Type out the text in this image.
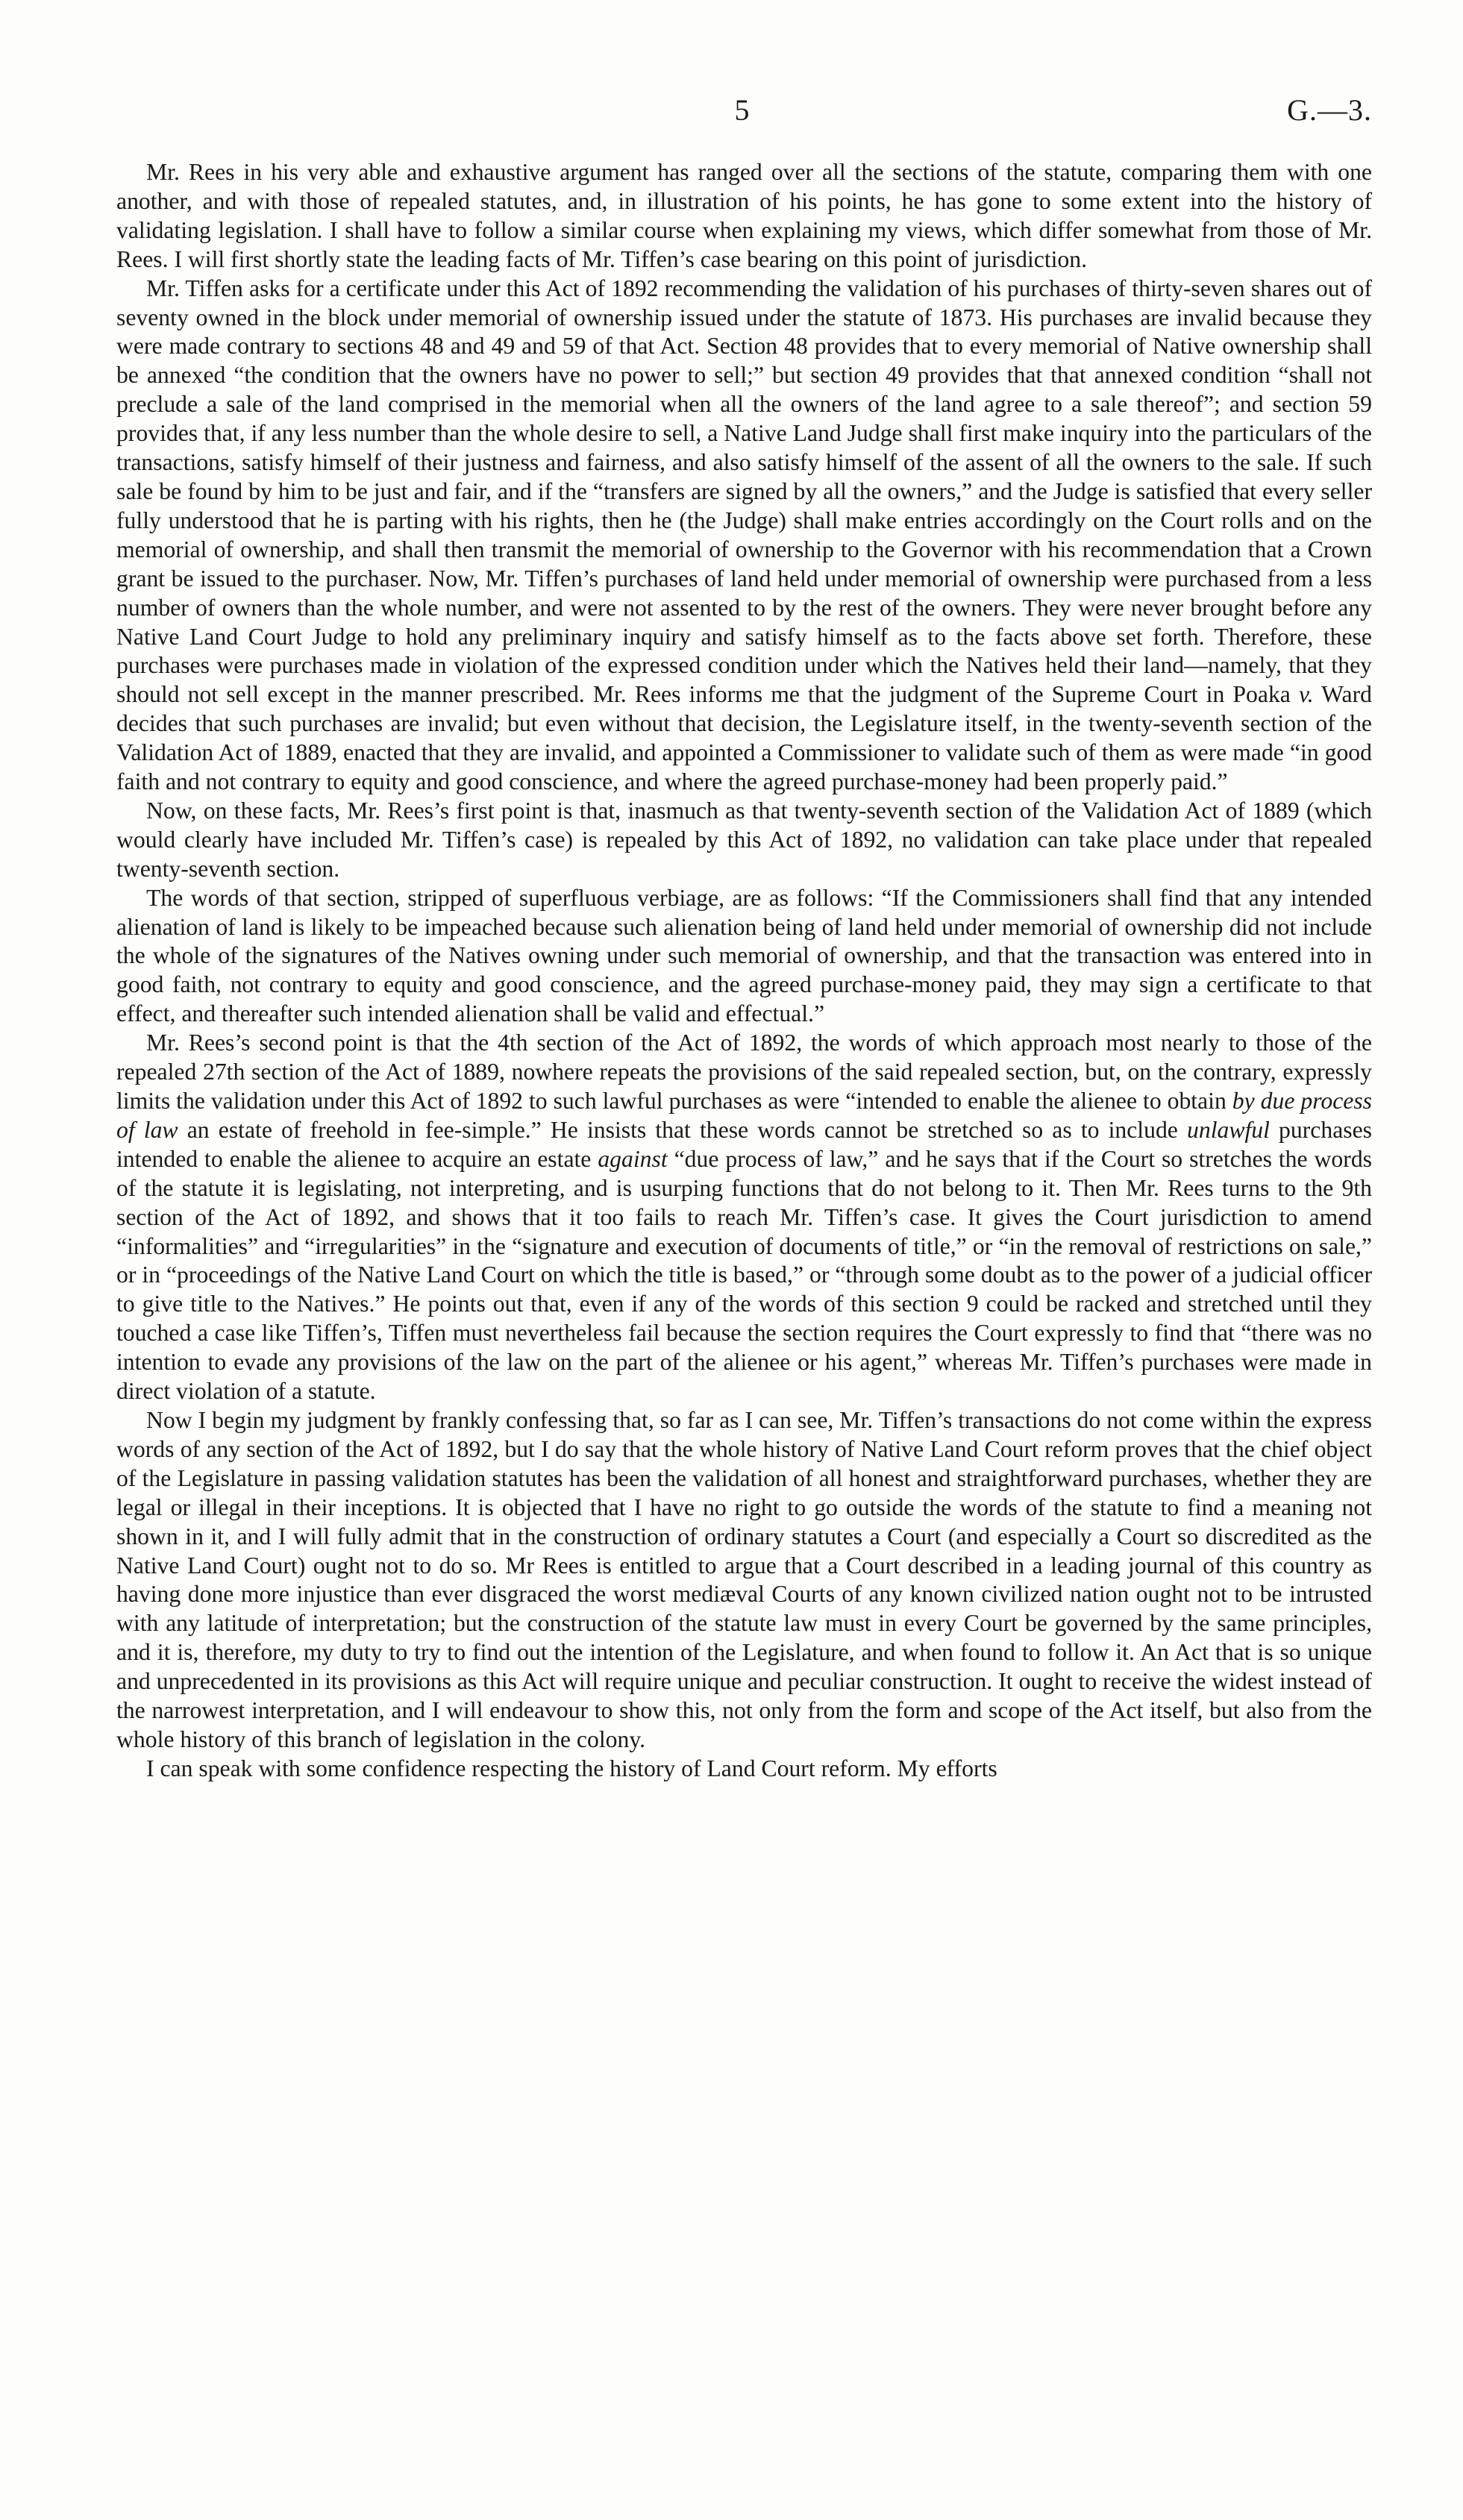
5	G.—3.

Mr. Rees in his very able and exhaustive argument has ranged over all the sections of the statute, comparing them with one another, and with those of repealed statutes, and, in illustration of his points, he has gone to some extent into the history of validating legislation. I shall have to follow a similar course when explaining my views, which differ somewhat from those of Mr. Rees. I will first shortly state the leading facts of Mr. Tiffen’s case bearing on this point of jurisdiction.

Mr. Tiffen asks for a certificate under this Act of 1892 recommending the validation of his purchases of thirty-seven shares out of seventy owned in the block under memorial of ownership issued under the statute of 1873. His purchases are invalid because they were made contrary to sections 48 and 49 and 59 of that Act. Section 48 provides that to every memorial of Native ownership shall be annexed “the condition that the owners have no power to sell;” but section 49 provides that that annexed condition “shall not preclude a sale of the land comprised in the memorial when all the owners of the land agree to a sale thereof”; and section 59 provides that, if any less number than the whole desire to sell, a Native Land Judge shall first make inquiry into the particulars of the transactions, satisfy himself of their justness and fairness, and also satisfy himself of the assent of all the owners to the sale. If such sale be found by him to be just and fair, and if the “transfers are signed by all the owners,” and the Judge is satisfied that every seller fully understood that he is parting with his rights, then he (the Judge) shall make entries accordingly on the Court rolls and on the memorial of ownership, and shall then transmit the memorial of ownership to the Governor with his recommendation that a Crown grant be issued to the purchaser. Now, Mr. Tiffen’s purchases of land held under memorial of ownership were purchased from a less number of owners than the whole number, and were not assented to by the rest of the owners. They were never brought before any Native Land Court Judge to hold any preliminary inquiry and satisfy himself as to the facts above set forth. Therefore, these purchases were purchases made in violation of the expressed condition under which the Natives held their land—namely, that they should not sell except in the manner prescribed. Mr. Rees informs me that the judgment of the Supreme Court in Poaka v. Ward decides that such purchases are invalid; but even without that decision, the Legislature itself, in the twenty-seventh section of the Validation Act of 1889, enacted that they are invalid, and appointed a Commissioner to validate such of them as were made “in good faith and not contrary to equity and good conscience, and where the agreed purchase-money had been properly paid.”

Now, on these facts, Mr. Rees’s first point is that, inasmuch as that twenty-seventh section of the Validation Act of 1889 (which would clearly have included Mr. Tiffen’s case) is repealed by this Act of 1892, no validation can take place under that repealed twenty-seventh section.

The words of that section, stripped of superfluous verbiage, are as follows: “If the Commissioners shall find that any intended alienation of land is likely to be impeached because such alienation being of land held under memorial of ownership did not include the whole of the signatures of the Natives owning under such memorial of ownership, and that the transaction was entered into in good faith, not contrary to equity and good conscience, and the agreed purchase-money paid, they may sign a certificate to that effect, and thereafter such intended alienation shall be valid and effectual.”

Mr. Rees’s second point is that the 4th section of the Act of 1892, the words of which approach most nearly to those of the repealed 27th section of the Act of 1889, nowhere repeats the provisions of the said repealed section, but, on the contrary, expressly limits the validation under this Act of 1892 to such lawful purchases as were “intended to enable the alienee to obtain by due process of law an estate of freehold in fee-simple.” He insists that these words cannot be stretched so as to include unlawful purchases intended to enable the alienee to acquire an estate against “due process of law,” and he says that if the Court so stretches the words of the statute it is legislating, not interpreting, and is usurping functions that do not belong to it. Then Mr. Rees turns to the 9th section of the Act of 1892, and shows that it too fails to reach Mr. Tiffen’s case. It gives the Court jurisdiction to amend “informalities” and “irregularities” in the “signature and execution of documents of title,” or “in the removal of restrictions on sale,” or in “proceedings of the Native Land Court on which the title is based,” or “through some doubt as to the power of a judicial officer to give title to the Natives.” He points out that, even if any of the words of this section 9 could be racked and stretched until they touched a case like Tiffen’s, Tiffen must nevertheless fail because the section requires the Court expressly to find that “there was no intention to evade any provisions of the law on the part of the alienee or his agent,” whereas Mr. Tiffen’s purchases were made in direct violation of a statute.

Now I begin my judgment by frankly confessing that, so far as I can see, Mr. Tiffen’s transactions do not come within the express words of any section of the Act of 1892, but I do say that the whole history of Native Land Court reform proves that the chief object of the Legislature in passing validation statutes has been the validation of all honest and straightforward purchases, whether they are legal or illegal in their inceptions. It is objected that I have no right to go outside the words of the statute to find a meaning not shown in it, and I will fully admit that in the construction of ordinary statutes a Court (and especially a Court so discredited as the Native Land Court) ought not to do so. Mr Rees is entitled to argue that a Court described in a leading journal of this country as having done more injustice than ever disgraced the worst mediæval Courts of any known civilized nation ought not to be intrusted with any latitude of interpretation; but the construction of the statute law must in every Court be governed by the same principles, and it is, therefore, my duty to try to find out the intention of the Legislature, and when found to follow it. An Act that is so unique and unprecedented in its provisions as this Act will require unique and peculiar construction. It ought to receive the widest instead of the narrowest interpretation, and I will endeavour to show this, not only from the form and scope of the Act itself, but also from the whole history of this branch of legislation in the colony.

I can speak with some confidence respecting the history of Land Court reform. My efforts
